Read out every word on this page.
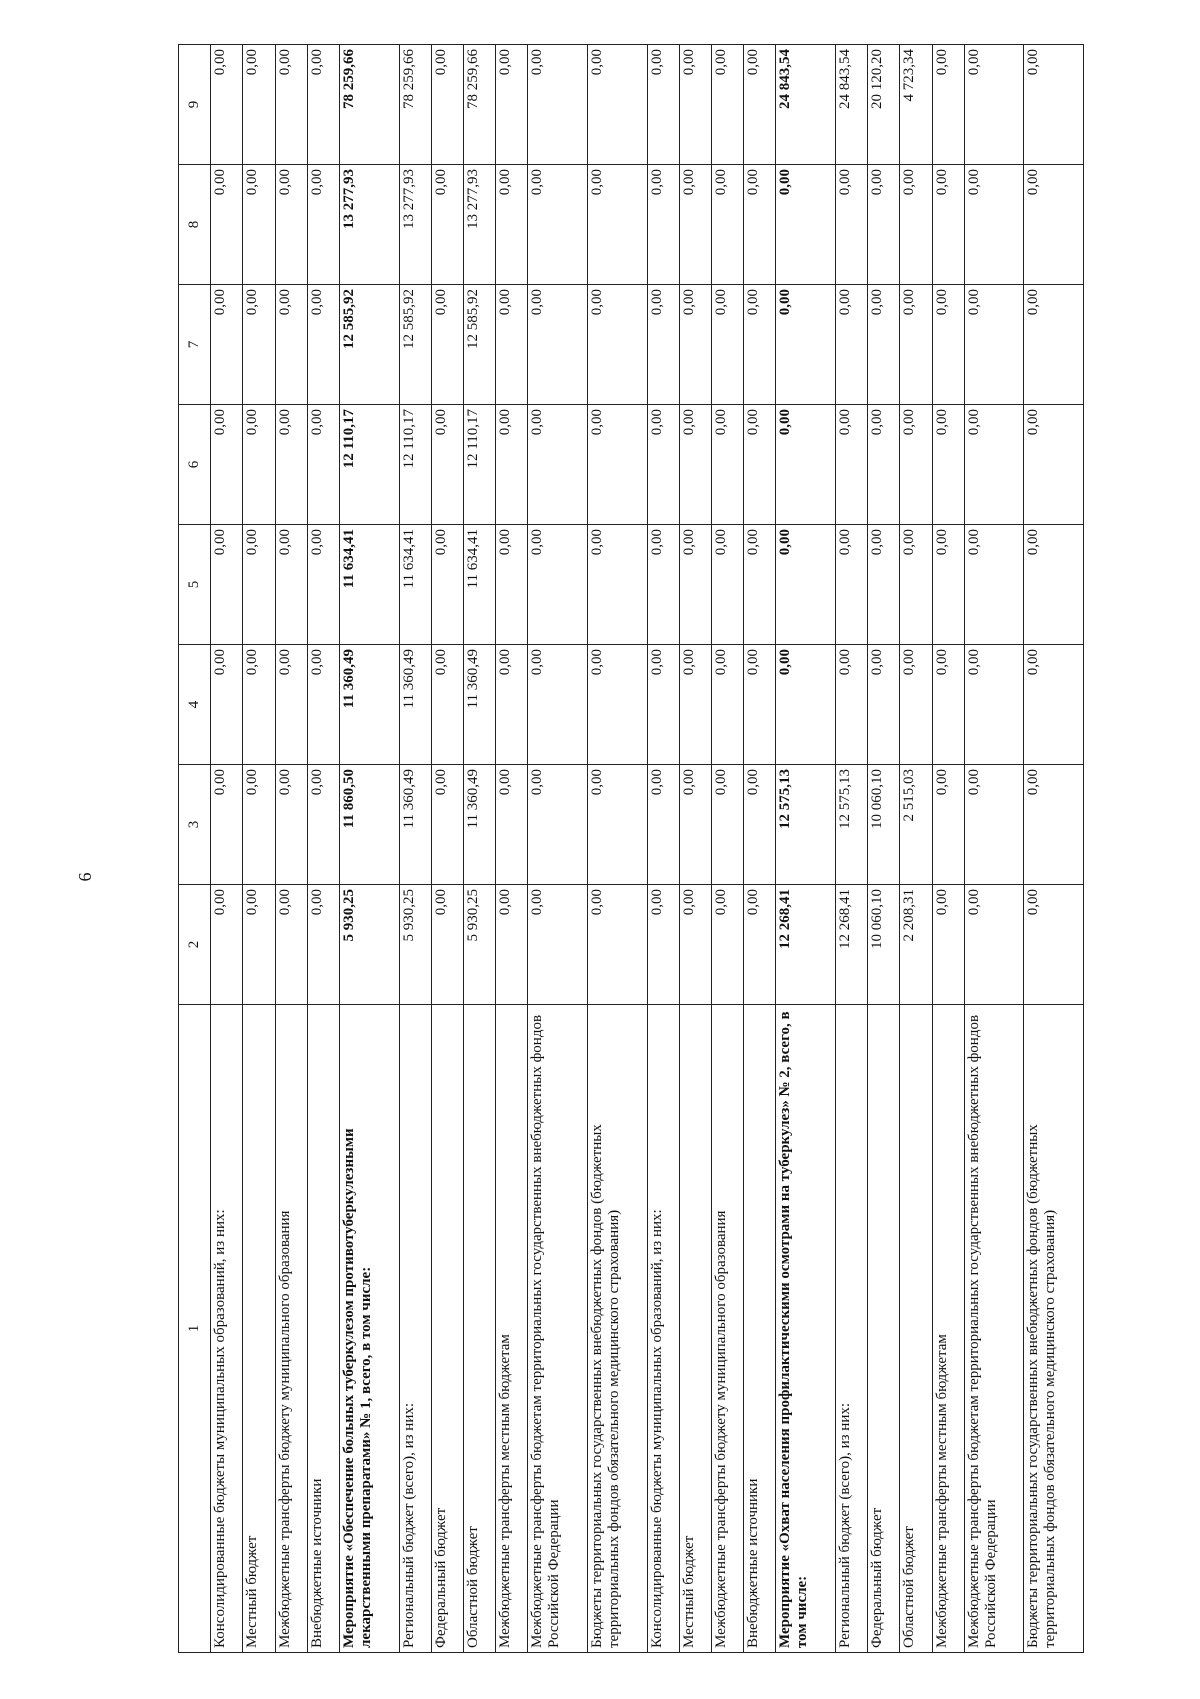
6
1	2	3	4	5	6	7	8	9
Консолидированные бюджеты муниципальных образований, из них:	0,00	0,00	0,00	0,00	0,00	0,00	0,00	0,00
Местный бюджет	0,00	0,00	0,00	0,00	0,00	0,00	0,00	0,00
Межбюджетные трансферты бюджету муниципального образования	0,00	0,00	0,00	0,00	0,00	0,00	0,00	0,00
Внебюджетные источники	0,00	0,00	0,00	0,00	0,00	0,00	0,00	0,00
Мероприятие «Обеспечение больных туберкулезом противотуберкулезными лекарственными препаратами» № 1, всего, в том числе:	5 930,25	11 860,50	11 360,49	11 634,41	12 110,17	12 585,92	13 277,93	78 259,66
Региональный бюджет (всего), из них:	5 930,25	11 360,49	11 360,49	11 634,41	12 110,17	12 585,92	13 277,93	78 259,66
Федеральный бюджет	0,00	0,00	0,00	0,00	0,00	0,00	0,00	0,00
Областной бюджет	5 930,25	11 360,49	11 360,49	11 634,41	12 110,17	12 585,92	13 277,93	78 259,66
Межбюджетные трансферты местным бюджетам	0,00	0,00	0,00	0,00	0,00	0,00	0,00	0,00
Межбюджетные трансферты бюджетам территориальных государственных внебюджетных фондов Российской Федерации	0,00	0,00	0,00	0,00	0,00	0,00	0,00	0,00
Бюджеты территориальных государственных внебюджетных фондов (бюджетных территориальных фондов обязательного медицинского страхования)	0,00	0,00	0,00	0,00	0,00	0,00	0,00	0,00
Консолидированные бюджеты муниципальных образований, из них:	0,00	0,00	0,00	0,00	0,00	0,00	0,00	0,00
Местный бюджет	0,00	0,00	0,00	0,00	0,00	0,00	0,00	0,00
Межбюджетные трансферты бюджету муниципального образования	0,00	0,00	0,00	0,00	0,00	0,00	0,00	0,00
Внебюджетные источники	0,00	0,00	0,00	0,00	0,00	0,00	0,00	0,00
Мероприятие «Охват населения профилактическими осмотрами на туберкулез» № 2, всего, в том числе:	12 268,41	12 575,13	0,00	0,00	0,00	0,00	0,00	24 843,54
Региональный бюджет (всего), из них:	12 268,41	12 575,13	0,00	0,00	0,00	0,00	0,00	24 843,54
Федеральный бюджет	10 060,10	10 060,10	0,00	0,00	0,00	0,00	0,00	20 120,20
Областной бюджет	2 208,31	2 515,03	0,00	0,00	0,00	0,00	0,00	4 723,34
Межбюджетные трансферты местным бюджетам	0,00	0,00	0,00	0,00	0,00	0,00	0,00	0,00
Межбюджетные трансферты бюджетам территориальных государственных внебюджетных фондов Российской Федерации	0,00	0,00	0,00	0,00	0,00	0,00	0,00	0,00
Бюджеты территориальных государственных внебюджетных фондов (бюджетных территориальных фондов обязательного медицинского страхования)	0,00	0,00	0,00	0,00	0,00	0,00	0,00	0,00
